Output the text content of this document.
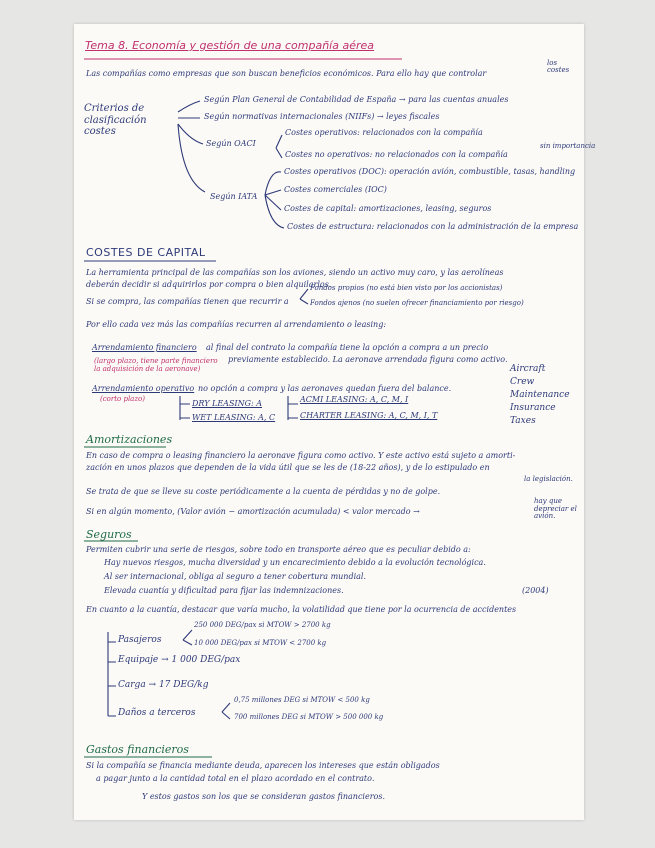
Tema 8. Economía y gestión de una compañía aérea
Las compañías como empresas que son buscan beneficios económicos. Para ello hay que controlar
los costes
Criterios de clasificación costes
Según Plan General de Contabilidad de España → para las cuentas anuales
Según normativas internacionales (NIIFs) → leyes fiscales
Según OACI
Costes operativos: relacionados con la compañía
Costes no operativos: no relacionados con la compañía
sin importancia
Según IATA
Costes operativos (DOC): operación avión, combustible, tasas, handling
Costes comerciales (IOC)
Costes de capital: amortizaciones, leasing, seguros
Costes de estructura: relacionados con la administración de la empresa
COSTES DE CAPITAL
La herramienta principal de las compañías son los aviones, siendo un activo muy caro, y las aerolíneas
deberán decidir si adquirirlos por compra o bien alquilarlos.
Si se compra, las compañías tienen que recurrir a
Fondos propios (no está bien visto por los accionistas)
Fondos ajenos (no suelen ofrecer financiamiento por riesgo)
Por ello cada vez más las compañías recurren al arrendamiento o leasing:
Arrendamiento financiero al final del contrato la compañía tiene la opción a compra a un precio
(largo plazo, tiene parte financiero la adquisición de la aeronave)
previamente establecido. La aeronave arrendada figura como activo.
Arrendamiento operativo no opción a compra y las aeronaves quedan fuera del balance.
(corto plazo)	DRY LEASING: A
WET LEASING: A, C
ACMI LEASING: A, C, M, I
CHARTER LEASING: A, C, M, I, T
Aircraft
Crew
Maintenance
Insurance
Taxes
Amortizaciones
En caso de compra o leasing financiero la aeronave figura como activo. Y este activo está sujeto a amorti-
zación en unos plazos que dependen de la vida útil que se les de (18-22 años), y de lo estipulado en
la legislación.
Se trata de que se lleve su coste periódicamente a la cuenta de pérdidas y no de golpe.
Si en algún momento, (Valor avión − amortización acumulada) < valor mercado →
hay que depreciar el avión.
Seguros
Permiten cubrir una serie de riesgos, sobre todo en transporte aéreo que es peculiar debido a:
Hay nuevos riesgos, mucha diversidad y un encarecimiento debido a la evolución tecnológica.
Al ser internacional, obliga al seguro a tener cobertura mundial.
Elevada cuantía y dificultad para fijar las indemnizaciones.	(2004)
En cuanto a la cuantía, destacar que varía mucho, la volatilidad que tiene por la ocurrencia de accidentes
Pasajeros
250 000 DEG/pax si MTOW > 2700 kg
10 000 DEG/pax si MTOW < 2700 kg
Equipaje → 1 000 DEG/pax
Carga → 17 DEG/kg
Daños a terceros
0,75 millones DEG si MTOW < 500 kg
700 millones DEG si MTOW > 500 000 kg
Gastos financieros
Si la compañía se financia mediante deuda, aparecen los intereses que están obligados
a pagar junto a la cantidad total en el plazo acordado en el contrato.
Y estos gastos son los que se consideran gastos financieros.
